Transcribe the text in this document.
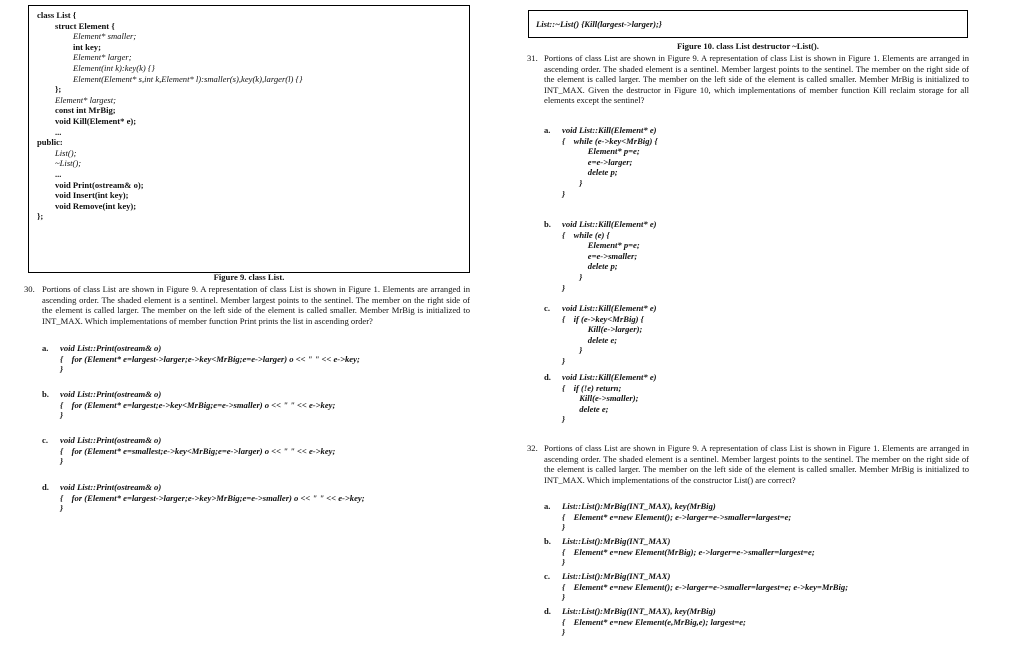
class List {
struct Element {
Element* smaller;
int key;
Element* larger;
Element(int k):key(k) {}
Element(Element* s,int k,Element* l):smaller(s),key(k),larger(l) {}
};
Element* largest;
const int MrBig;
void Kill(Element* e);
...
public:
List();
~List();
...
void Print(ostream& o);
void Insert(int key);
void Remove(int key);
};
Figure 9. class List.
30. Portions of class List are shown in Figure 9. A representation of class List is shown in Figure 1. Elements are arranged in ascending order. The shaded element is a sentinel. Member largest points to the sentinel. The member on the right side of the element is called larger. The member on the left side of the element is called smaller. Member MrBig is initialized to INT_MAX. Which implementations of member function Print prints the list in ascending order?
a. void List::Print(ostream& o)
{    for (Element* e=largest->larger;e->key<MrBig;e=e->larger) o << " " << e->key;
}
b. void List::Print(ostream& o)
{    for (Element* e=largest;e->key<MrBig;e=e->smaller) o << " " << e->key;
}
c. void List::Print(ostream& o)
{    for (Element* e=smallest;e->key<MrBig;e=e->larger) o << " " << e->key;
}
d. void List::Print(ostream& o)
{    for (Element* e=largest->larger;e->key>MrBig;e=e->smaller) o << " " << e->key;
}
List::~List() {Kill(largest->larger);}
Figure 10. class List destructor ~List().
31. Portions of class List are shown in Figure 9. A representation of class List is shown in Figure 1. Elements are arranged in ascending order. The shaded element is a sentinel. Member largest points to the sentinel. The member on the right side of the element is called larger. The member on the left side of the element is called smaller. Member MrBig is initialized to INT_MAX. Given the destructor in Figure 10, which implementations of member function Kill reclaim storage for all elements except the sentinel?
a. void List::Kill(Element* e)
{    while (e->key<MrBig) {
Element* p=e;
e=e->larger;
delete p;
}
}
b. void List::Kill(Element* e)
{    while (e) {
Element* p=e;
e=e->smaller;
delete p;
}
}
c. void List::Kill(Element* e)
{    if (e->key<MrBig) {
Kill(e->larger);
delete e;
}
}
d. void List::Kill(Element* e)
{    if (!e) return;
Kill(e->smaller);
delete e;
}
32. Portions of class List are shown in Figure 9. A representation of class List is shown in Figure 1. Elements are arranged in ascending order. The shaded element is a sentinel. Member largest points to the sentinel. The member on the right side of the element is called larger. The member on the left side of the element is called smaller. Member MrBig is initialized to INT_MAX. Which implementations of the constructor List() are correct?
a. List::List():MrBig(INT_MAX), key(MrBig)
{    Element* e=new Element(); e->larger=e->smaller=largest=e;
}
b. List::List():MrBig(INT_MAX)
{    Element* e=new Element(MrBig); e->larger=e->smaller=largest=e;
}
c. List::List():MrBig(INT_MAX)
{    Element* e=new Element(); e->larger=e->smaller=largest=e; e->key=MrBig;
}
d. List::List():MrBig(INT_MAX), key(MrBig)
{    Element* e=new Element(e,MrBig,e); largest=e;
}
